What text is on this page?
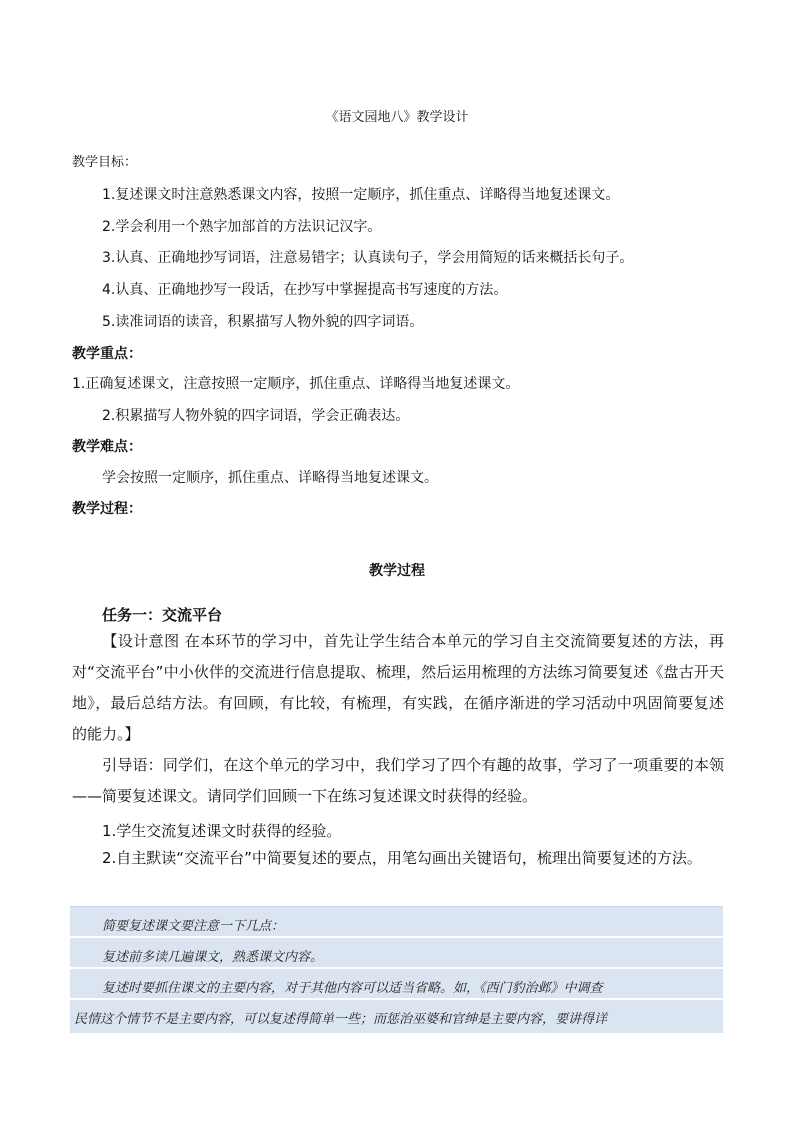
《语文园地八》教学设计
教学目标：
1.复述课文时注意熟悉课文内容，按照一定顺序，抓住重点、详略得当地复述课文。
2.学会利用一个熟字加部首的方法识记汉字。
3.认真、正确地抄写词语，注意易错字；认真读句子，学会用简短的话来概括长句子。
4.认真、正确地抄写一段话，在抄写中掌握提高书写速度的方法。
5.读准词语的读音，积累描写人物外貌的四字词语。
教学重点：
1.正确复述课文，注意按照一定顺序，抓住重点、详略得当地复述课文。
2.积累描写人物外貌的四字词语，学会正确表达。
教学难点：
学会按照一定顺序，抓住重点、详略得当地复述课文。
教学过程：
教学过程
任务一：交流平台
【设计意图 在本环节的学习中，首先让学生结合本单元的学习自主交流简要复述的方法，再对“交流平台”中小伙伴的交流进行信息提取、梳理，然后运用梳理的方法练习简要复述《盘古开天地》，最后总结方法。有回顾，有比较，有梳理，有实践，在循序渐进的学习活动中巩固简要复述的能力。】
引导语：同学们，在这个单元的学习中，我们学习了四个有趣的故事，学习了一项重要的本领——简要复述课文。请同学们回顾一下在练习复述课文时获得的经验。
1.学生交流复述课文时获得的经验。
2.自主默读“交流平台”中简要复述的要点，用笔勾画出关键语句，梳理出简要复述的方法。
简要复述课文要注意一下几点：
复述前多读几遍课文，熟悉课文内容。
复述时要抓住课文的主要内容，对于其他内容可以适当省略。如，《西门豹治邺》中调查
民情这个情节不是主要内容，可以复述得简单一些；而惩治巫婆和官绅是主要内容，要讲得详
